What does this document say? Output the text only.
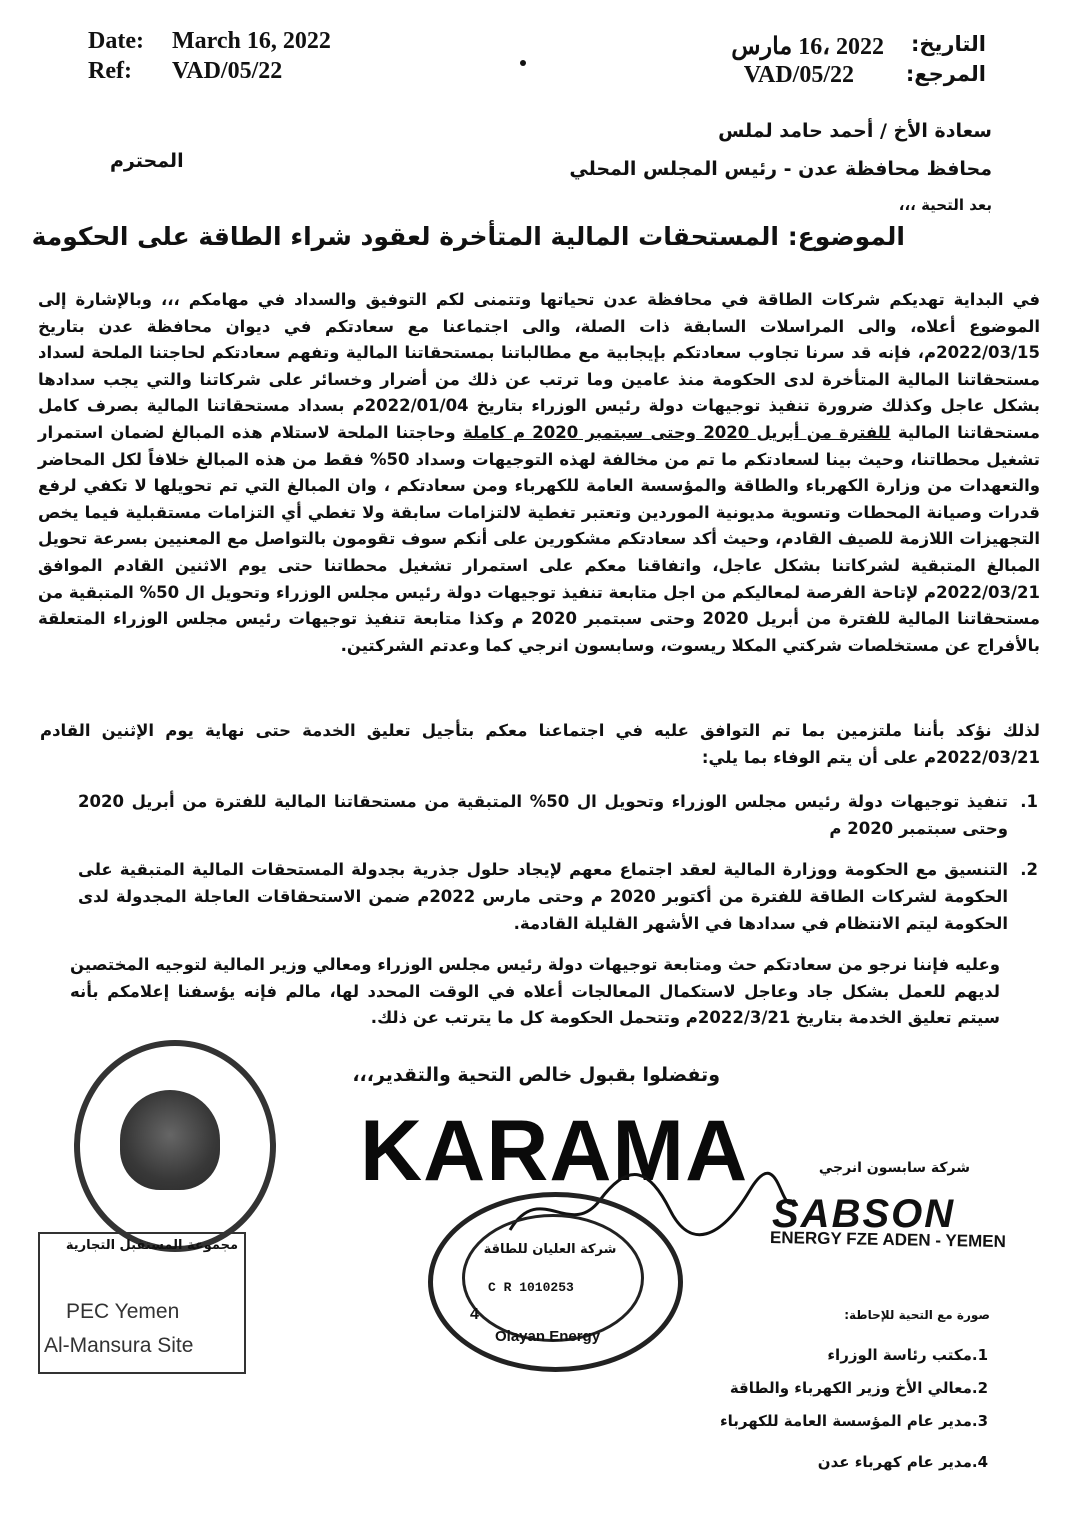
Date: March 16, 2022
Ref: VAD/05/22
التاريخ:
2022 ،16 مارس
المرجع:
VAD/05/22
سعادة الأخ / أحمد حامد لملس
محافظ محافظة عدن - رئيس المجلس المحلي
المحترم
بعد التحية ،،،
الموضوع: المستحقات المالية المتأخرة لعقود شراء الطاقة على الحكومة

في البداية تهديكم شركات الطاقة في محافظة عدن تحياتها وتتمنى لكم التوفيق والسداد في مهامكم ،،، وبالإشارة إلى الموضوع أعلاه، والى المراسلات السابقة ذات الصلة، والى اجتماعنا مع سعادتكم في ديوان محافظة عدن بتاريخ 2022/03/15م، فإنه قد سرنا تجاوب سعادتكم بإيجابية مع مطالباتنا بمستحقاتنا المالية وتفهم سعادتكم لحاجتنا الملحة لسداد مستحقاتنا المالية المتأخرة لدى الحكومة منذ عامين وما ترتب عن ذلك من أضرار وخسائر على شركاتنا والتي يجب سدادها بشكل عاجل وكذلك ضرورة تنفيذ توجيهات دولة رئيس الوزراء بتاريخ 2022/01/04م بسداد مستحقاتنا المالية بصرف كامل مستحقاتنا المالية للفترة من أبريل 2020 وحتى سبتمبر 2020 م كاملة وحاجتنا الملحة لاستلام هذه المبالغ لضمان استمرار تشغيل محطاتنا، وحيث بينا لسعادتكم ما تم من مخالفة لهذه التوجيهات وسداد 50% فقط من هذه المبالغ خلافاً لكل المحاضر والتعهدات من وزارة الكهرباء والطاقة والمؤسسة العامة للكهرباء ومن سعادتكم ، وان المبالغ التي تم تحويلها لا تكفي لرفع قدرات وصيانة المحطات وتسوية مديونية الموردين وتعتبر تغطية لالتزامات سابقة ولا تغطي أي التزامات مستقبلية فيما يخص التجهيزات اللازمة للصيف القادم، وحيث أكد سعادتكم مشكورين على أنكم سوف تقومون بالتواصل مع المعنيين بسرعة تحويل المبالغ المتبقية لشركاتنا بشكل عاجل، واتفاقنا معكم على استمرار تشغيل محطاتنا حتى يوم الاثنين القادم الموافق 2022/03/21م لإتاحة الفرصة لمعاليكم من اجل متابعة تنفيذ توجيهات دولة رئيس مجلس الوزراء وتحويل ال 50% المتبقية من مستحقاتنا المالية للفترة من أبريل 2020 وحتى سبتمبر 2020 م وكذا متابعة تنفيذ توجيهات رئيس مجلس الوزراء المتعلقة بالأفراج عن مستخلصات شركتي المكلا ريسوت، وسابسون انرجي كما وعدتم الشركتين.

لذلك نؤكد بأننا ملتزمين بما تم التوافق عليه في اجتماعنا معكم بتأجيل تعليق الخدمة حتى نهاية يوم الإثنين القادم 2022/03/21م على أن يتم الوفاء بما يلي:

1.
تنفيذ توجيهات دولة رئيس مجلس الوزراء وتحويل ال 50% المتبقية من مستحقاتنا المالية للفترة من أبريل 2020 وحتى سبتمبر 2020 م
2.
التنسيق مع الحكومة ووزارة المالية لعقد اجتماع معهم لإيجاد حلول جذرية بجدولة المستحقات المالية المتبقية على الحكومة لشركات الطاقة للفترة من أكتوبر 2020 م وحتى مارس 2022م ضمن الاستحقاقات العاجلة المجدولة لدى الحكومة ليتم الانتظام في سدادها في الأشهر القليلة القادمة.

وعليه فإننا نرجو من سعادتكم حث ومتابعة توجيهات دولة رئيس مجلس الوزراء ومعالي وزير المالية لتوجيه المختصين لديهم للعمل بشكل جاد وعاجل لاستكمال المعالجات أعلاه في الوقت المحدد لها، مالم فإنه يؤسفنا إعلامكم بأنه سيتم تعليق الخدمة بتاريخ 2022/3/21م وتتحمل الحكومة كل ما يترتب عن ذلك.

وتفضلوا بقبول خالص التحية والتقدير،،،
KARAMA	شركة سابسون انرجي
SABSON
ENERGY FZE ADEN - YEMEN
شركة العليان للطاقة
C R 1010253
Olayan Energy
4
مجموعة المستقبل التجارية
PEC Yemen
Al-Mansura Site
صورة مع التحية للإحاطة:
1.مكتب رئاسة الوزراء
2.معالي الأخ وزير الكهرباء والطاقة
3.مدير عام المؤسسة العامة للكهرباء
4.مدير عام كهرباء عدن
